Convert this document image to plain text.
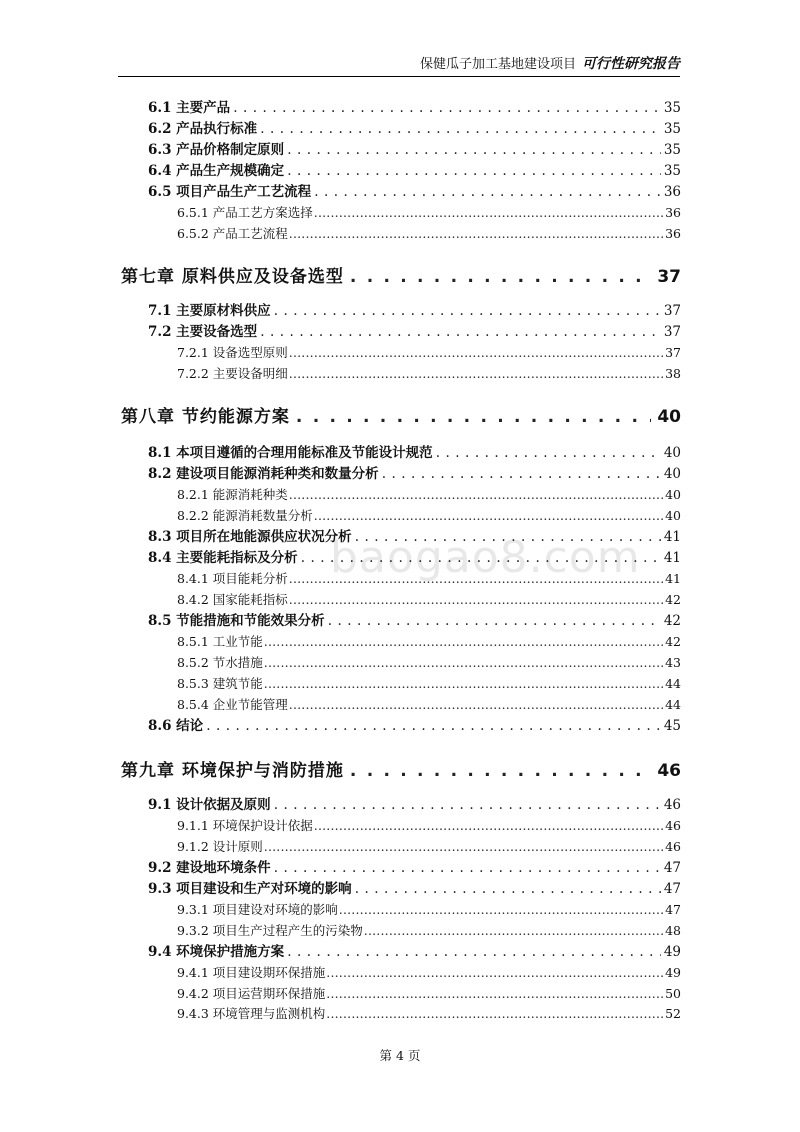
保健瓜子加工基地建设项目 可行性研究报告
baogao8.com
6.1 主要产品 . . .	35
6.2 产品执行标准 . . .	35
6.3 产品价格制定原则 . . .	35
6.4 产品生产规模确定 . . .	35
6.5 项目产品生产工艺流程 . . .	36
6.5.1 产品工艺方案选择 .....	36
6.5.2 产品工艺流程 .....	36
第七章 原料供应及设备选型 . . .	37
7.1 主要原材料供应 . . .	37
7.2 主要设备选型 . . .	37
7.2.1 设备选型原则 .....	37
7.2.2 主要设备明细 .....	38
第八章 节约能源方案 . . .	40
8.1 本项目遵循的合理用能标准及节能设计规范 . . .	40
8.2 建设项目能源消耗种类和数量分析 . . .	40
8.2.1 能源消耗种类 .....	40
8.2.2 能源消耗数量分析 .....	40
8.3 项目所在地能源供应状况分析 . . .	41
8.4 主要能耗指标及分析 . . .	41
8.4.1 项目能耗分析 .....	41
8.4.2 国家能耗指标 .....	42
8.5 节能措施和节能效果分析 . . .	42
8.5.1 工业节能 .....	42
8.5.2 节水措施 .....	43
8.5.3 建筑节能 .....	44
8.5.4 企业节能管理 .....	44
8.6 结论 . . .	45
第九章 环境保护与消防措施 . . .	46
9.1 设计依据及原则 . . .	46
9.1.1 环境保护设计依据 .....	46
9.1.2 设计原则 .....	46
9.2 建设地环境条件 . . .	47
9.3 项目建设和生产对环境的影响 . . .	47
9.3.1 项目建设对环境的影响 .....	47
9.3.2 项目生产过程产生的污染物 .....	48
9.4 环境保护措施方案 . . .	49
9.4.1 项目建设期环保措施 .....	49
9.4.2 项目运营期环保措施 .....	50
9.4.3 环境管理与监测机构 .....	52
第 4 页
